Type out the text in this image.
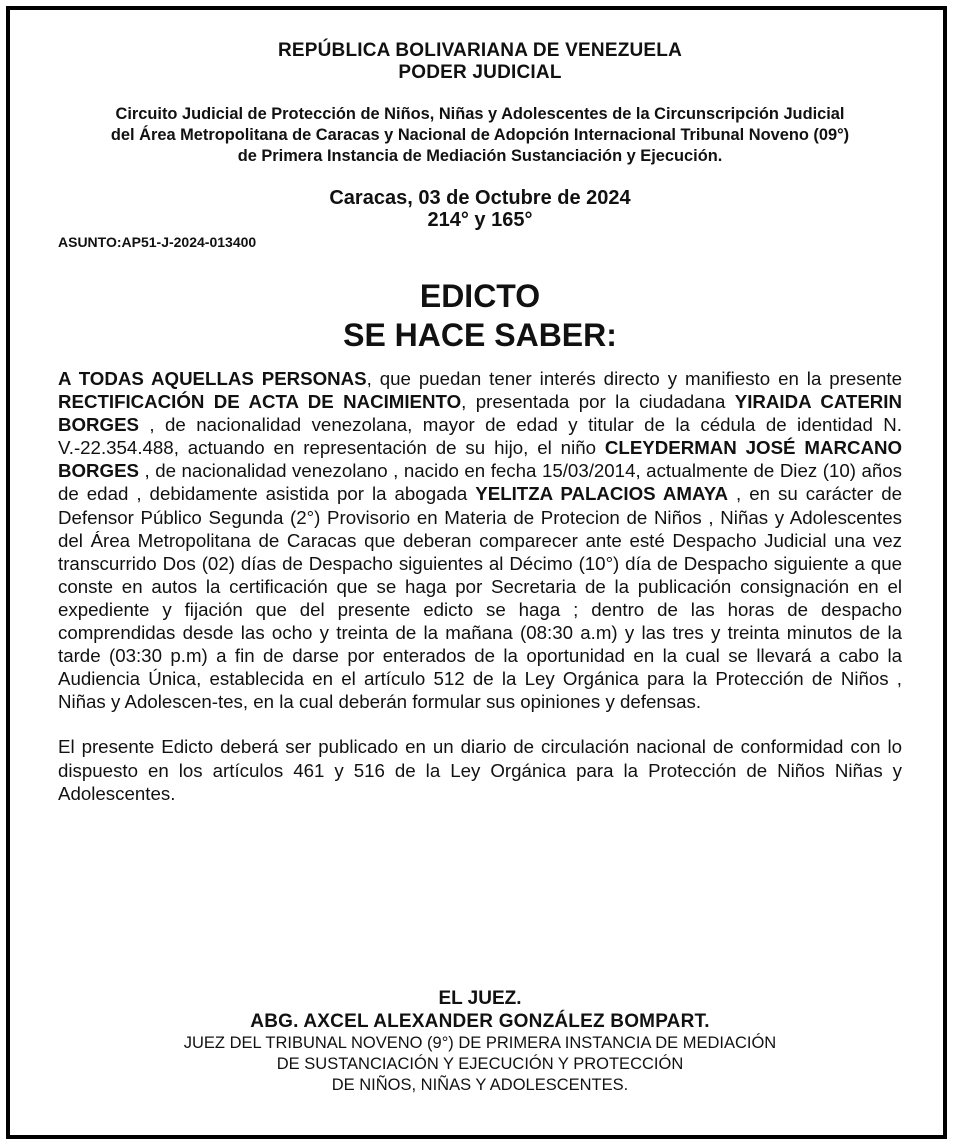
REPÚBLICA BOLIVARIANA DE VENEZUELA
PODER JUDICIAL
Circuito Judicial de Protección de Niños, Niñas y Adolescentes de la Circunscripción Judicial
del Área Metropolitana de Caracas y Nacional de Adopción Internacional Tribunal Noveno (09°)
de Primera Instancia de Mediación Sustanciación y Ejecución.
Caracas, 03 de Octubre de 2024
214° y 165°
ASUNTO:AP51-J-2024-013400
EDICTO
SE HACE SABER:
A TODAS AQUELLAS PERSONAS, que puedan tener interés directo y manifiesto en la presente RECTIFICACIÓN DE ACTA DE NACIMIENTO, presentada por la ciudadana YIRAIDA CATERIN BORGES , de nacionalidad venezolana, mayor de edad y titular de la cédula de identidad N. V.-22.354.488, actuando en representación de su hijo, el niño CLEYDERMAN JOSÉ MARCANO BORGES , de nacionalidad venezolano , nacido en fecha 15/03/2014, actualmente de Diez (10) años de edad , debidamente asistida por la abogada YELITZA PALACIOS AMAYA , en su carácter de Defensor Público Segunda (2°) Provisorio en Materia de Protecion de Niños , Niñas y Adolescentes del Área Metropolitana de Caracas que deberan comparecer ante esté Despacho Judicial una vez transcurrido Dos (02) días de Despacho siguientes al Décimo (10°) día de Despacho siguiente a que conste en autos la certificación que se haga por Secretaria de la publicación consignación en el expediente y fijación que del presente edicto se haga ; dentro de las horas de despacho comprendidas desde las ocho y treinta de la mañana (08:30 a.m) y las tres y treinta minutos de la tarde (03:30 p.m) a fin de darse por enterados de la oportunidad en la cual se llevará a cabo la Audiencia Única, establecida en el artículo 512 de la Ley Orgánica para la Protección de Niños , Niñas y Adolescen-tes, en la cual deberán formular sus opiniones y defensas.
El presente Edicto deberá ser publicado en un diario de circulación nacional de conformidad con lo dispuesto en los artículos 461 y 516 de la Ley Orgánica para la Protección de Niños Niñas y Adolescentes.
EL JUEZ.
ABG. AXCEL ALEXANDER GONZÁLEZ BOMPART.
JUEZ DEL TRIBUNAL NOVENO (9°) DE PRIMERA INSTANCIA DE MEDIACIÓN
DE SUSTANCIACIÓN Y EJECUCIÓN Y PROTECCIÓN
DE NIÑOS, NIÑAS Y ADOLESCENTES.
